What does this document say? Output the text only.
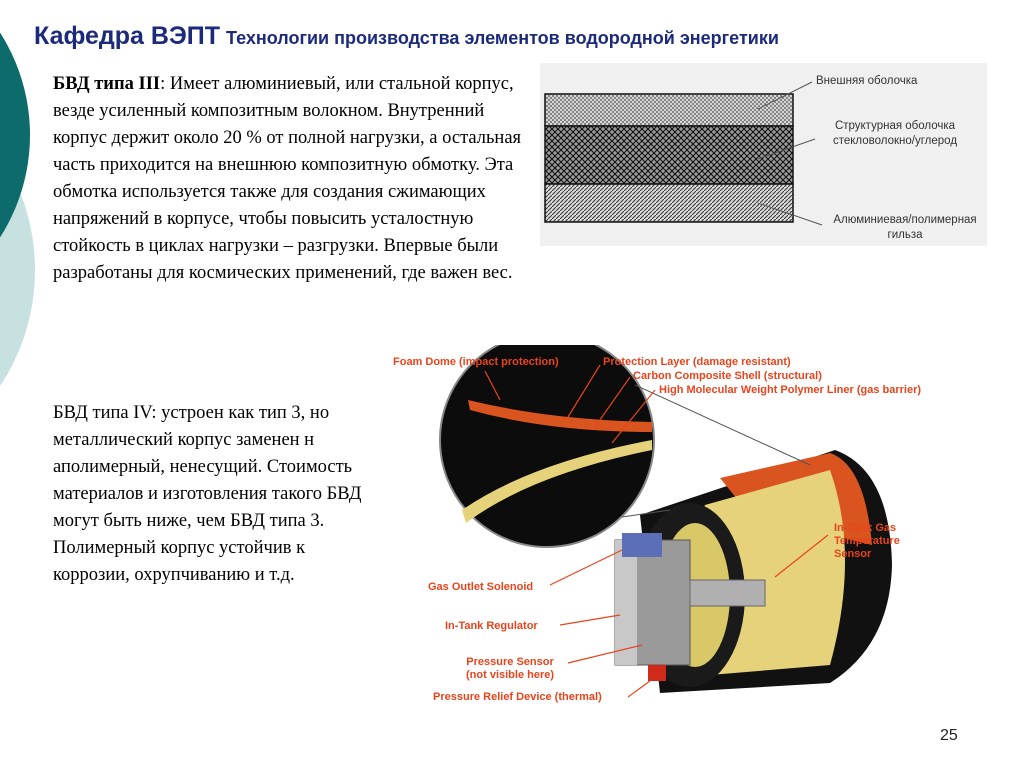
Кафедра ВЭПТ Технологии производства элементов водородной энергетики
БВД типа III: Имеет алюминиевый, или стальной корпус, везде усиленный композитным волокном. Внутренний корпус держит около 20 % от полной нагрузки, а остальная часть приходится на внешнюю композитную обмотку. Эта обмотка используется также для создания сжимающих напряжений в корпусе, чтобы повысить усталостную стойкость в циклах нагрузки – разгрузки. Впервые были разработаны для космических применений, где важен вес.
БВД типа IV: устроен как тип 3, но металлический корпус заменен н аполимерный, ненесущий. Стоимость материалов и изготовления такого БВД могут быть ниже, чем БВД типа 3. Полимерный корпус устойчив к коррозии, охрупчиванию и т.д.
Внешняя оболочка
Структурная оболочка
стекловолокно/углерод
Алюминиевая/полимерная
гильза
Foam Dome (impact protection)	Protection Layer (damage resistant)
Carbon Composite Shell (structural)
High Molecular Weight Polymer Liner (gas barrier)
In-Tank Gas
Temperature
Sensor
Gas Outlet Solenoid
In-Tank Regulator
Pressure Sensor
(not visible here)
Pressure Relief Device (thermal)
25
